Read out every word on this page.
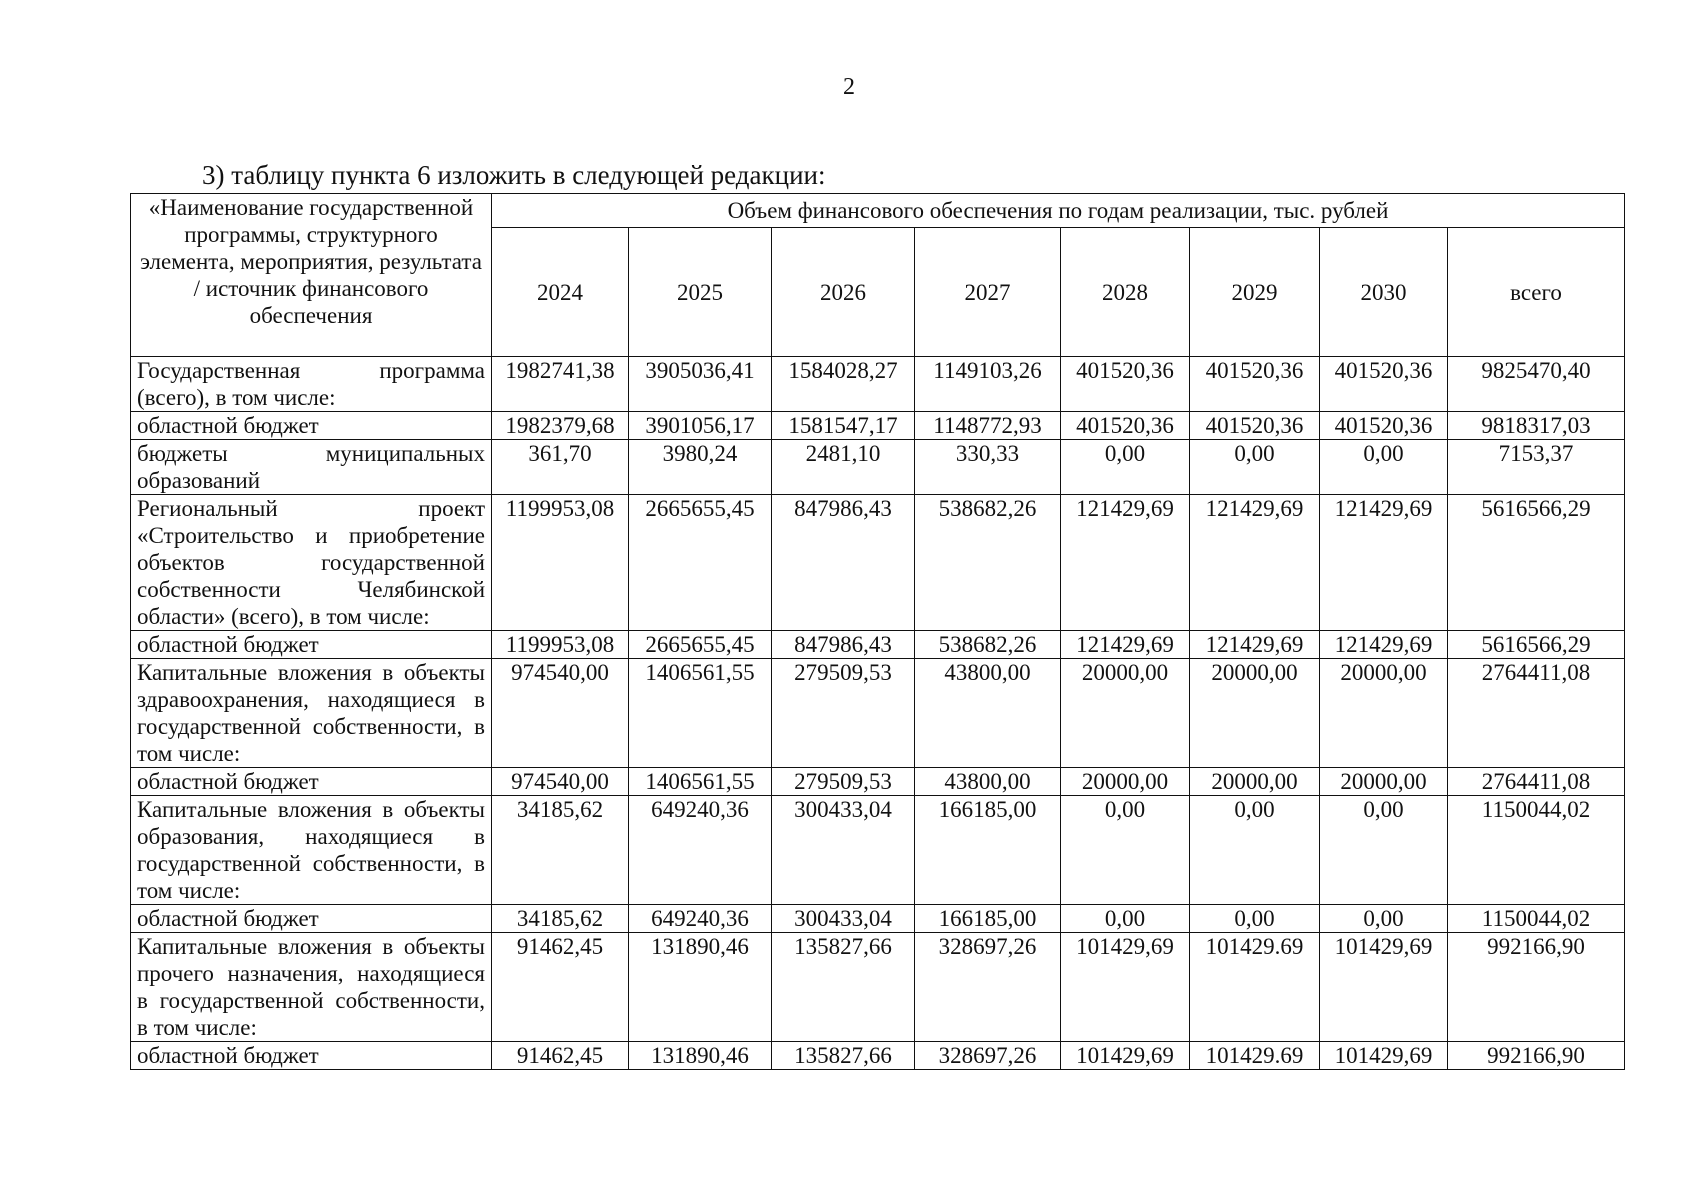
2
3) таблицу пункта 6 изложить в следующей редакции:
«Наименование государственной программы, структурного элемента, мероприятия, результата / источник финансового обеспечения	Объем финансового обеспечения по годам реализации, тыс. рублей							
	2024	2025	2026	2027	2028	2029	2030	всего
Государственная программа (всего), в том числе:	1982741,38	3905036,41	1584028,27	1149103,26	401520,36	401520,36	401520,36	9825470,40
областной бюджет	1982379,68	3901056,17	1581547,17	1148772,93	401520,36	401520,36	401520,36	9818317,03
бюджеты муниципальных образований	361,70	3980,24	2481,10	330,33	0,00	0,00	0,00	7153,37
Региональный проект «Строительство и приобретение объектов государственной собственности Челябинской области» (всего), в том числе:	1199953,08	2665655,45	847986,43	538682,26	121429,69	121429,69	121429,69	5616566,29
областной бюджет	1199953,08	2665655,45	847986,43	538682,26	121429,69	121429,69	121429,69	5616566,29
Капитальные вложения в объекты здравоохранения, находящиеся в государственной собственности, в том числе:	974540,00	1406561,55	279509,53	43800,00	20000,00	20000,00	20000,00	2764411,08
областной бюджет	974540,00	1406561,55	279509,53	43800,00	20000,00	20000,00	20000,00	2764411,08
Капитальные вложения в объекты образования, находящиеся в государственной собственности, в том числе:	34185,62	649240,36	300433,04	166185,00	0,00	0,00	0,00	1150044,02
областной бюджет	34185,62	649240,36	300433,04	166185,00	0,00	0,00	0,00	1150044,02
Капитальные вложения в объекты прочего назначения, находящиеся в государственной собственности, в том числе:	91462,45	131890,46	135827,66	328697,26	101429,69	101429.69	101429,69	992166,90
областной бюджет	91462,45	131890,46	135827,66	328697,26	101429,69	101429.69	101429,69	992166,90
